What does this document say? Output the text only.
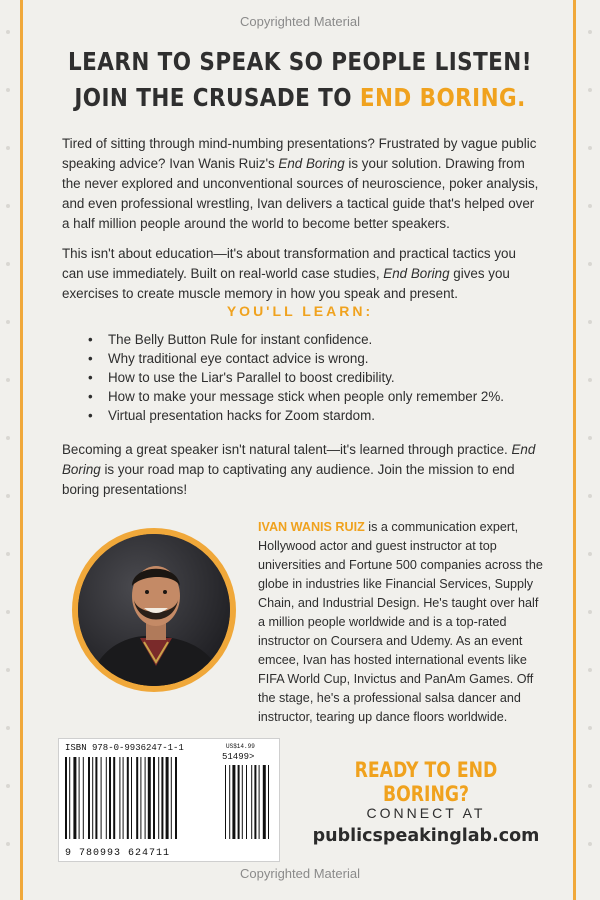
Copyrighted Material
LEARN TO SPEAK SO PEOPLE LISTEN!
JOIN THE CRUSADE TO END BORING.
Tired of sitting through mind-numbing presentations? Frustrated by vague public speaking advice? Ivan Wanis Ruiz's End Boring is your solution. Drawing from the never explored and unconventional sources of neuroscience, poker analysis, and even professional wrestling, Ivan delivers a tactical guide that's helped over a half million people around the world to become better speakers.
This isn't about education—it's about transformation and practical tactics you can use immediately. Built on real-world case studies, End Boring gives you exercises to create muscle memory in how you speak and present.
YOU'LL LEARN:
• The Belly Button Rule for instant confidence.
• Why traditional eye contact advice is wrong.
• How to use the Liar's Parallel to boost credibility.
• How to make your message stick when people only remember 2%.
• Virtual presentation hacks for Zoom stardom.
Becoming a great speaker isn't natural talent—it's learned through practice. End Boring is your road map to captivating any audience. Join the mission to end boring presentations!
IVAN WANIS RUIZ is a communication expert, Hollywood actor and guest instructor at top universities and Fortune 500 companies across the globe in industries like Financial Services, Supply Chain, and Industrial Design. He's taught over half a million people worldwide and is a top-rated instructor on Coursera and Udemy. As an event emcee, Ivan has hosted international events like FIFA World Cup, Invictus and PanAm Games. Off the stage, he's a professional salsa dancer and instructor, tearing up dance floors worldwide.
ISBN 978-0-9936247-1-1	US$14.99
51499>
9 780993 624711
READY TO END BORING?
CONNECT AT
publicspeakinglab.com
Copyrighted Material
